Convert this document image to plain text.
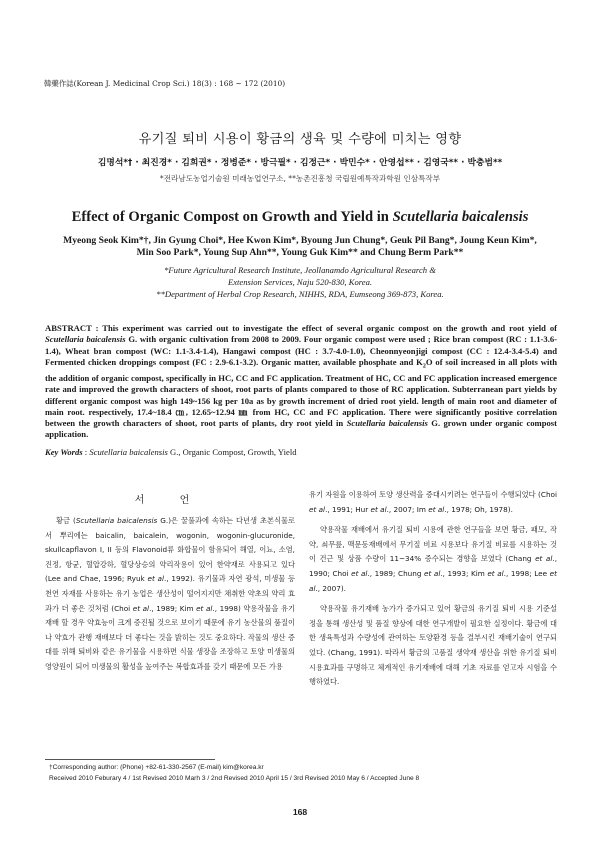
韓藥作誌(Korean J. Medicinal Crop Sci.) 18(3) : 168 ~ 172 (2010)
유기질 퇴비 시용이 황금의 생육 및 수량에 미치는 영향
김명석*† · 최진경* · 김희권* · 정병준* · 방극필* · 김정근* · 박민수* · 안영섭** · 김영국** · 박충범**
*전라남도농업기술원 미래농업연구소, **농촌진흥청 국립원예특작과학원 인삼특작부
Effect of Organic Compost on Growth and Yield in Scutellaria baicalensis
Myeong Seok Kim*†, Jin Gyung Choi*, Hee Kwon Kim*, Byoung Jun Chung*, Geuk Pil Bang*, Joung Keun Kim*,
Min Soo Park*, Young Sup Ahn**, Young Guk Kim** and Chung Berm Park**
*Future Agricultural Research Institute, Jeollanamdo Agricultural Research &
Extension Services, Naju 520-830, Korea.
**Department of Herbal Crop Research, NIHHS, RDA, Eumseong 369-873, Korea.

ABSTRACT : This experiment was carried out to investigate the effect of several organic compost on the growth and root yield of Scutellaria baicalensis G. with organic cultivation from 2008 to 2009. Four organic compost were used ; Rice bran compost (RC : 1.1-3.6-1.4), Wheat bran compost (WC: 1.1-3.4-1.4), Hangawi compost (HC : 3.7-4.0-1.0), Cheonnyeonjigi compost (CC : 12.4-3.4-5.4) and Fermented chicken droppings compost (FC : 2.9-6.1-3.2). Organic matter, available phosphate and $K_2O$ of soil increased in all plots with the addition of organic compost, specifically in HC, CC and FC application. Treatment of HC, CC and FC application increased emergence rate and improved the growth characters of shoot, root parts of plants compared to those of RC application. Subterranean part yields by different organic compost was high 149~156 kg per 10a as by growth increment of dried root yield. length of main root and diameter of main root. respectively, 17.4~18.4 ㎝, 12.65~12.94 ㎜ from HC, CC and FC application. There were significantly positive correlation between the growth characters of shoot, root parts of plants, dry root yield in Scutellaria baicalensis G. grown under organic compost application.

Key Words : Scutellaria baicalensis G., Organic Compost, Growth, Yield

서 언

황금 (Scutellaria baicalensis G.)은 꿀풀과에 속하는 다년생 초본식물로서 뿌리에는 baicalin, baicalein, wogonin, wogonin-glucuronide, skullcapflavon I, II 등의 Flavonoid류 화합물이 함유되어 해열, 이뇨, 소염, 진정, 항균, 혈압강하, 혈당상승의 약리작용이 있어 한약재로 사용되고 있다 (Lee and Chae, 1996; Ryuk et al., 1992). 유기물과 자연 광석, 미생물 등 천연 자재를 사용하는 유기 농업은 생산성이 떨어지지만 채취한 약초의 약리 효과가 더 좋은 것처럼 (Choi et al., 1989; Kim et al., 1998) 약용작물을 유기 재배 할 경우 약효능이 크게 증진될 것으로 보이기 때문에 유기 농산물의 품질이나 약효가 관행 재배보다 더 좋다는 것을 밝히는 것도 중요하다. 작물의 생산 증대를 위해 퇴비와 같은 유기물을 시용하면 식물 생장을 조장하고 토양 미생물의 영양원이 되어 미생물의 활성을 높여주는 복합효과를 갖기 때문에 모든 가용

유기 자원을 이용하여 토양 생산력을 증대시키려는 연구들이 수행되었다 (Choi et al., 1991; Hur et al., 2007; Im et al., 1978; Oh, 1978).

약용작물 재배에서 유기질 퇴비 시용에 관한 연구들을 보면 황금, 패모, 작약, 쇠무릎, 맥문동재배에서 무기질 비료 시용보다 유기질 비료를 시용하는 것이 건근 및 상품 수량이 11~34% 증수되는 경향을 보였다 (Chang et al., 1990; Choi et al., 1989; Chung et al., 1993; Kim et al., 1998; Lee et al., 2007).

약용작물 유기재배 농가가 증가되고 있어 황금의 유기질 퇴비 시용 기준설정을 통해 생산성 및 품질 향상에 대한 연구개발이 필요한 실정이다. 황금에 대한 생육특성과 수량성에 관여하는 토양환경 등을 결부시킨 재배기술이 연구되었다. (Chang, 1991). 따라서 황금의 고품질 생약재 생산을 위한 유기질 퇴비 시용효과를 구명하고 체계적인 유기재배에 대해 기초 자료를 얻고자 시험을 수행하였다.

†Corresponding author: (Phone) +82-61-330-2567 (E-mail) kim@korea.kr
Received 2010 Feburary 4 / 1st Revised 2010 Marh 3 / 2nd Revised 2010 April 15 / 3rd Revised 2010 May 6 / Accepted June 8
168
